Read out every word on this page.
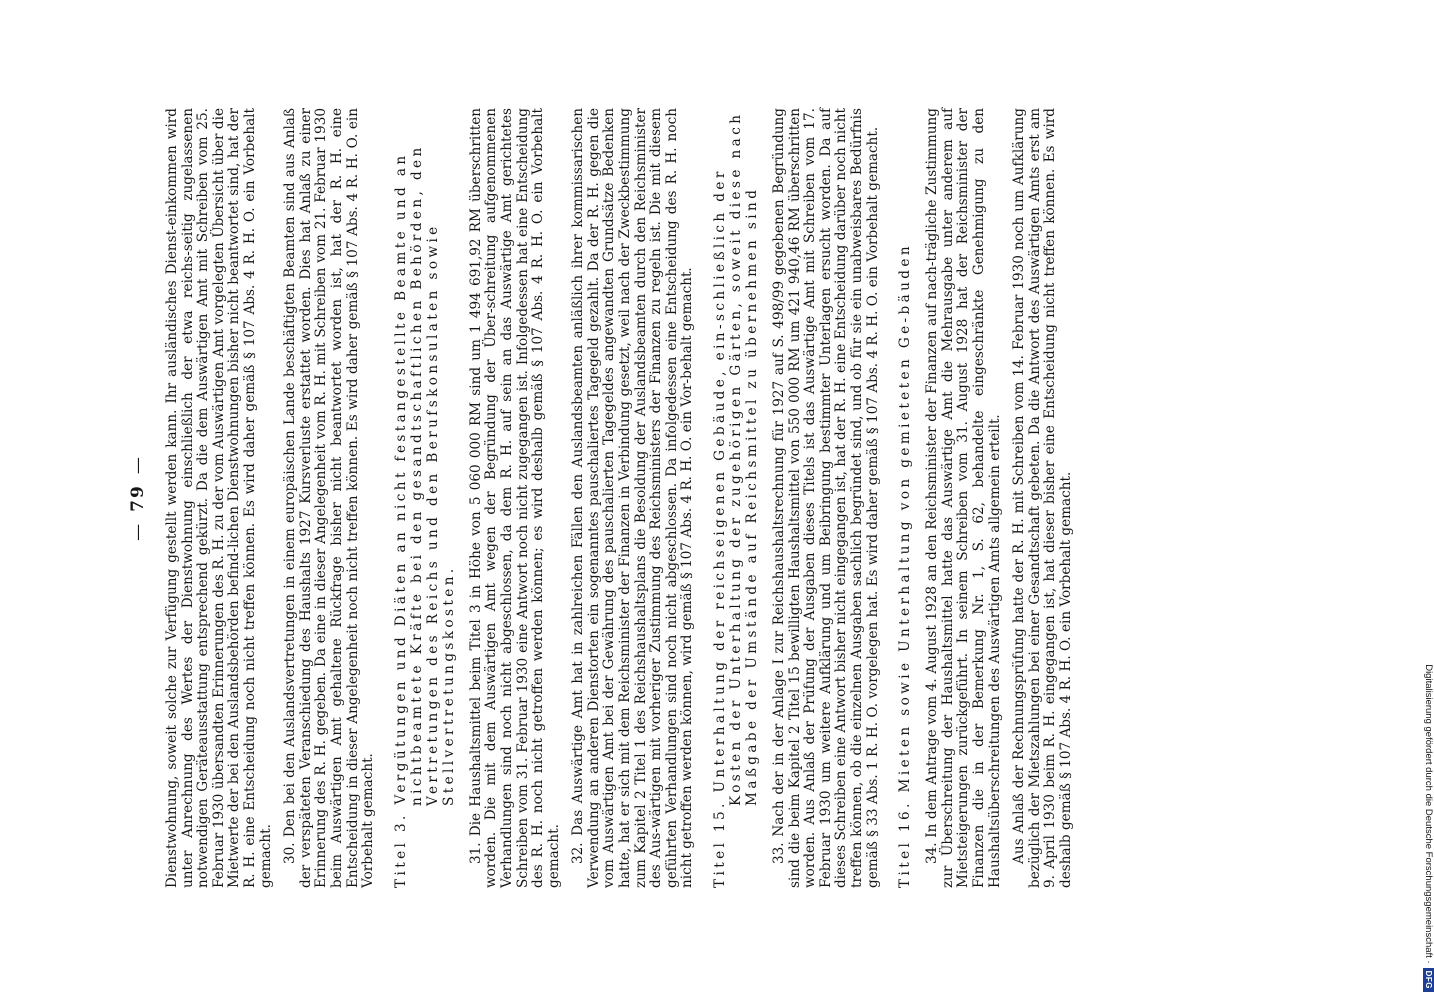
—79—	Dienstwohnung, soweit solche zur Verfügung gestellt werden kann. Ihr ausländisches Dienst-einkommen wird unter Anrechnung des Wertes der Dienstwohnung einschließlich der etwa reichs-seitig zugelassenen notwendigen Geräteausstattung entsprechend gekürzt. Da die dem Auswärtigen Amt mit Schreiben vom 25. Februar 1930 übersandten Erinnerungen des R. H. zu der vom Auswärtigen Amt vorgelegten Übersicht über die Mietwerte der bei den Auslandsbehörden befind-lichen Dienstwohnungen bisher nicht beantwortet sind, hat der R. H. eine Entscheidung noch nicht treffen können. Es wird daher gemäß § 107 Abs. 4 R. H. O. ein Vorbehalt gemacht. 30. Den bei den Auslandsvertretungen in einem europäischen Lande beschäftigten Beamten sind aus Anlaß der verspäteten Veranschiedung des Haushalts 1927 Kursverluste erstattet worden. Dies hat Anlaß zu einer Erinnerung des R. H. gegeben. Da eine in dieser Angelegenheit vom R. H. mit Schreiben vom 21. Februar 1930 beim Auswärtigen Amt gehaltene Rückfrage bisher nicht beantwortet worden ist, hat der R. H. eine Entscheidung in dieser Angelegenheit noch nicht treffen können. Es wird daher gemäß § 107 Abs. 4 R. H. O. ein Vorbehalt gemacht. Titel 3. Vergütungen und Diäten an nicht festangestellte Beamte und an nichtbeamtete Kräfte bei den gesandtschaftlichen Behörden, den Vertretungen des Reichs und den Berufskonsulaten sowie Stellvertretungskosten. 31. Die Haushaltsmittel beim Titel 3 in Höhe von 5 060 000 RM sind um 1 494 691,92 RM überschritten worden. Die mit dem Auswärtigen Amt wegen der Begründung der Über-schreitung aufgenommenen Verhandlungen sind noch nicht abgeschlossen, da dem R. H. auf sein an das Auswärtige Amt gerichtetes Schreiben vom 31. Februar 1930 eine Antwort noch nicht zugegangen ist. Infolgedessen hat eine Entscheidung des R. H. noch nicht getroffen werden können; es wird deshalb gemäß § 107 Abs. 4 R. H. O. ein Vorbehalt gemacht. 32. Das Auswärtige Amt hat in zahlreichen Fällen den Auslandsbeamten anläßlich ihrer kommissarischen Verwendung an anderen Dienstorten ein sogenanntes pauschaliertes Tagegeld gezahlt. Da der R. H. gegen die vom Auswärtigen Amt bei der Gewährung des pauschalierten Tagegeldes angewandten Grundsätze Bedenken hatte, hat er sich mit dem Reichsminister der Finanzen in Verbindung gesetzt, weil nach der Zweckbestimmung zum Kapitel 2 Titel 1 des Reichshaushaltsplans die Besoldung der Auslandsbeamten durch den Reichsminister des Aus-wärtigen mit vorheriger Zustimmung des Reichsministers der Finanzen zu regeln ist. Die mit diesem geführten Verhandlungen sind noch nicht abgeschlossen. Da infolgedessen eine Entscheidung des R. H. noch nicht getroffen werden können, wird gemäß § 107 Abs. 4 R. H. O. ein Vor-behalt gemacht. Titel 15. Unterhaltung der reichseigenen Gebäude, ein-schließlich der Kosten der Unterhaltung der zugehörigen Gärten, soweit diese nach Maßgabe der Umstände auf Reichsmittel zu übernehmen sind 33. Nach der in der Anlage I zur Reichshaushaltsrechnung für 1927 auf S. 498/99 gegebenen Begründung sind die beim Kapitel 2 Titel 15 bewilligten Haushaltsmittel von 550 000 RM um 421 940,46 RM überschritten worden. Aus Anlaß der Prüfung der Ausgaben dieses Titels ist das Auswärtige Amt mit Schreiben vom 17. Februar 1930 um weitere Aufklärung und um Beibringung bestimmter Unterlagen ersucht worden. Da auf dieses Schreiben eine Antwort bisher nicht eingegangen ist, hat der R. H. eine Entscheidung darüber noch nicht treffen können, ob die einzelnen Ausgaben sachlich begründet sind, und ob für sie ein unabweisbares Bedürfnis gemäß § 33 Abs. 1 R. H. O. vorgelegen hat. Es wird daher gemäß § 107 Abs. 4 R. H. O. ein Vorbehalt gemacht. Titel 16. Mieten sowie Unterhaltung von gemieteten Ge-bäuden 34. In dem Antrage vom 4. August 1928 an den Reichsminister der Finanzen auf nach-trägliche Zustimmung zur Überschreitung der Haushaltsmittel hatte das Auswärtige Amt die Mehrausgabe unter anderem auf Mietsteigerungen zurückgeführt. In seinem Schreiben vom 31. August 1928 hat der Reichsminister der Finanzen die in der Bemerkung Nr. 1, S. 62, behandelte eingeschränkte Genehmigung zu den Haushaltsüberschreitungen des Auswärtigen Amts allgemein erteilt. Aus Anlaß der Rechnungsprüfung hatte der R. H. mit Schreiben vom 14. Februar 1930 noch um Aufklärung bezüglich der Mietszahlungen bei einer Gesandtschaft gebeten. Da die Antwort des Auswärtigen Amts erst am 9. April 1930 beim R. H. eingegangen ist, hat dieser bisher eine Entscheidung nicht treffen können. Es wird deshalb gemäß § 107 Abs. 4 R. H. O. ein Vorbehalt gemacht.	Digitalisierung gefördert durch die Deutsche Forschungsgemeinschaft ·
DFG
